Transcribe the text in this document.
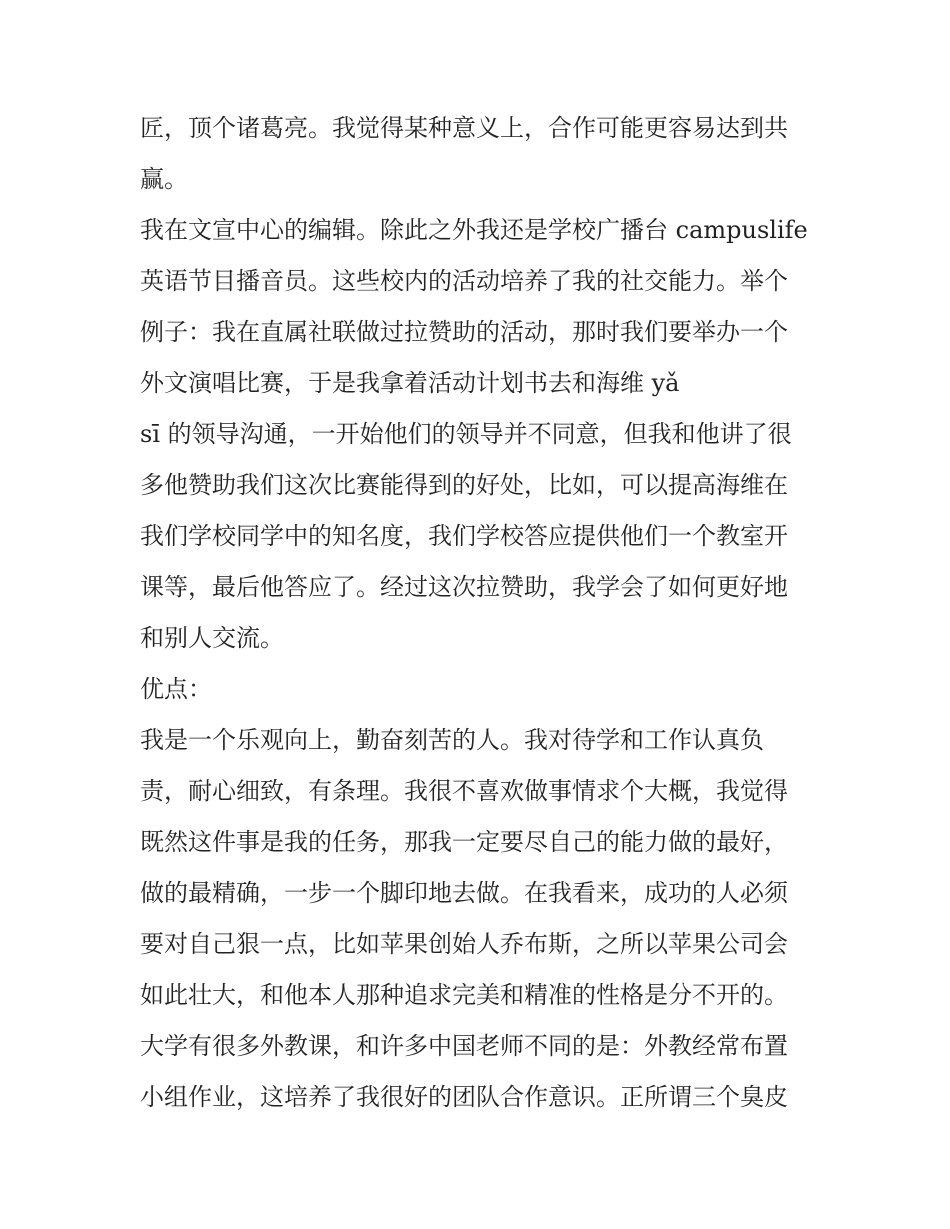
匠，顶个诸葛亮。我觉得某种意义上，合作可能更容易达到共
赢。
我在文宣中心的编辑。除此之外我还是学校广播台 campuslife
英语节目播音员。这些校内的活动培养了我的社交能力。举个
例子：我在直属社联做过拉赞助的活动，那时我们要举办一个
外文演唱比赛，于是我拿着活动计划书去和海维 yǎ
sī 的领导沟通，一开始他们的领导并不同意，但我和他讲了很
多他赞助我们这次比赛能得到的好处，比如，可以提高海维在
我们学校同学中的知名度，我们学校答应提供他们一个教室开
课等，最后他答应了。经过这次拉赞助，我学会了如何更好地
和别人交流。
优点：
我是一个乐观向上，勤奋刻苦的人。我对待学和工作认真负
责，耐心细致，有条理。我很不喜欢做事情求个大概，我觉得
既然这件事是我的任务，那我一定要尽自己的能力做的最好，
做的最精确，一步一个脚印地去做。在我看来，成功的人必须
要对自己狠一点，比如苹果创始人乔布斯，之所以苹果公司会
如此壮大，和他本人那种追求完美和精准的性格是分不开的。
大学有很多外教课，和许多中国老师不同的是：外教经常布置
小组作业，这培养了我很好的团队合作意识。正所谓三个臭皮
